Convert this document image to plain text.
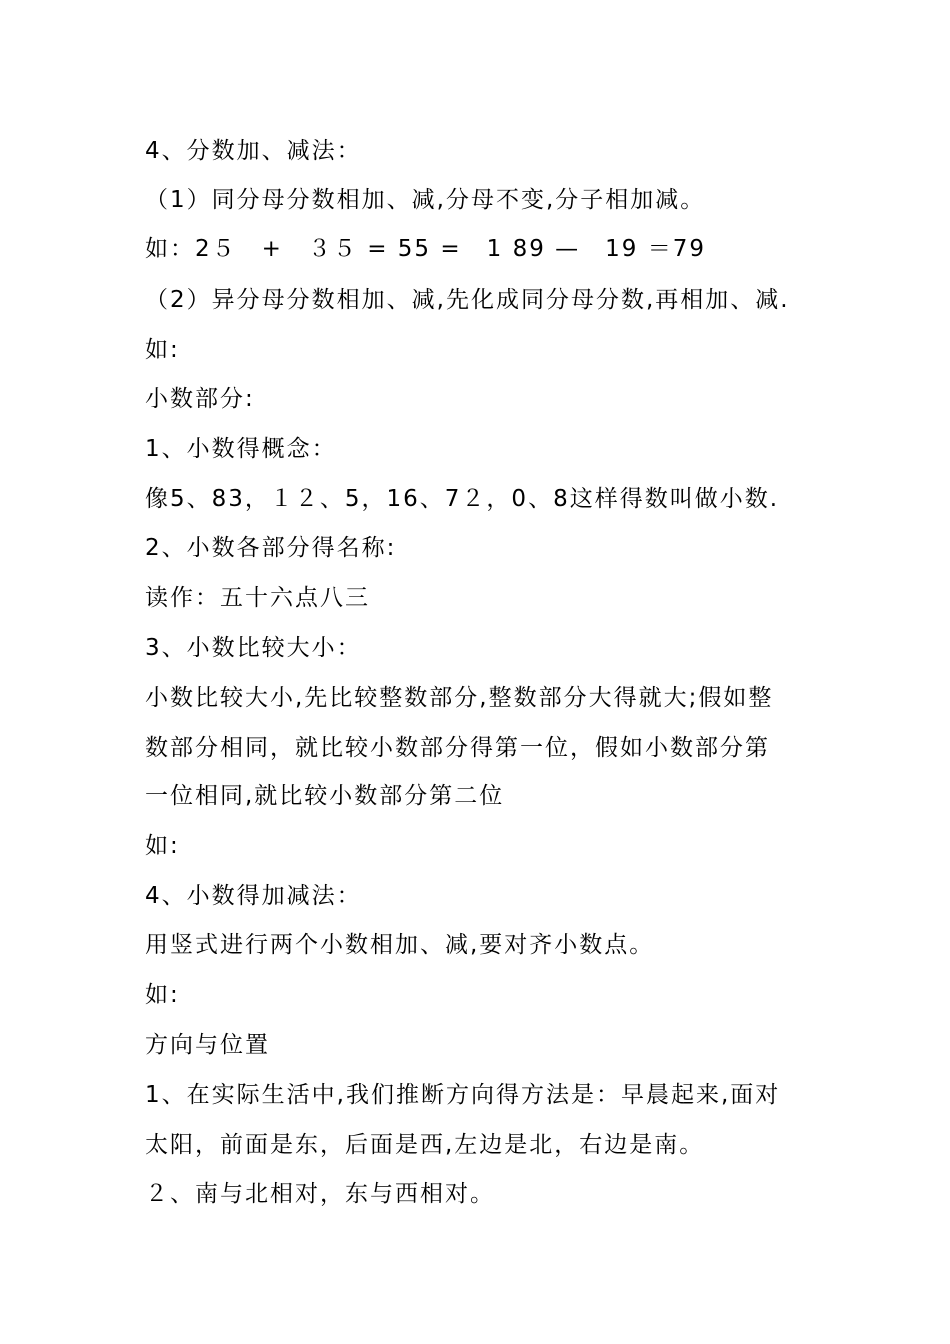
4、分数加、减法：
（1）同分母分数相加、减,分母不变,分子相加减。
如：2５　+　３５ = 55 =　1 89 —　19 ＝79
（2）异分母分数相加、减,先化成同分母分数,再相加、减.
如:
小数部分:
1、小数得概念：
像5、83，１２、5，16、7２，0、8这样得数叫做小数.
2、小数各部分得名称:
读作：五十六点八三
3、小数比较大小：
小数比较大小,先比较整数部分,整数部分大得就大;假如整
数部分相同，就比较小数部分得第一位，假如小数部分第
一位相同,就比较小数部分第二位
如:
4、小数得加减法：
用竖式进行两个小数相加、减,要对齐小数点。
如:
方向与位置
1、在实际生活中,我们推断方向得方法是：早晨起来,面对
太阳，前面是东，后面是西,左边是北，右边是南。
２、南与北相对，东与西相对。
